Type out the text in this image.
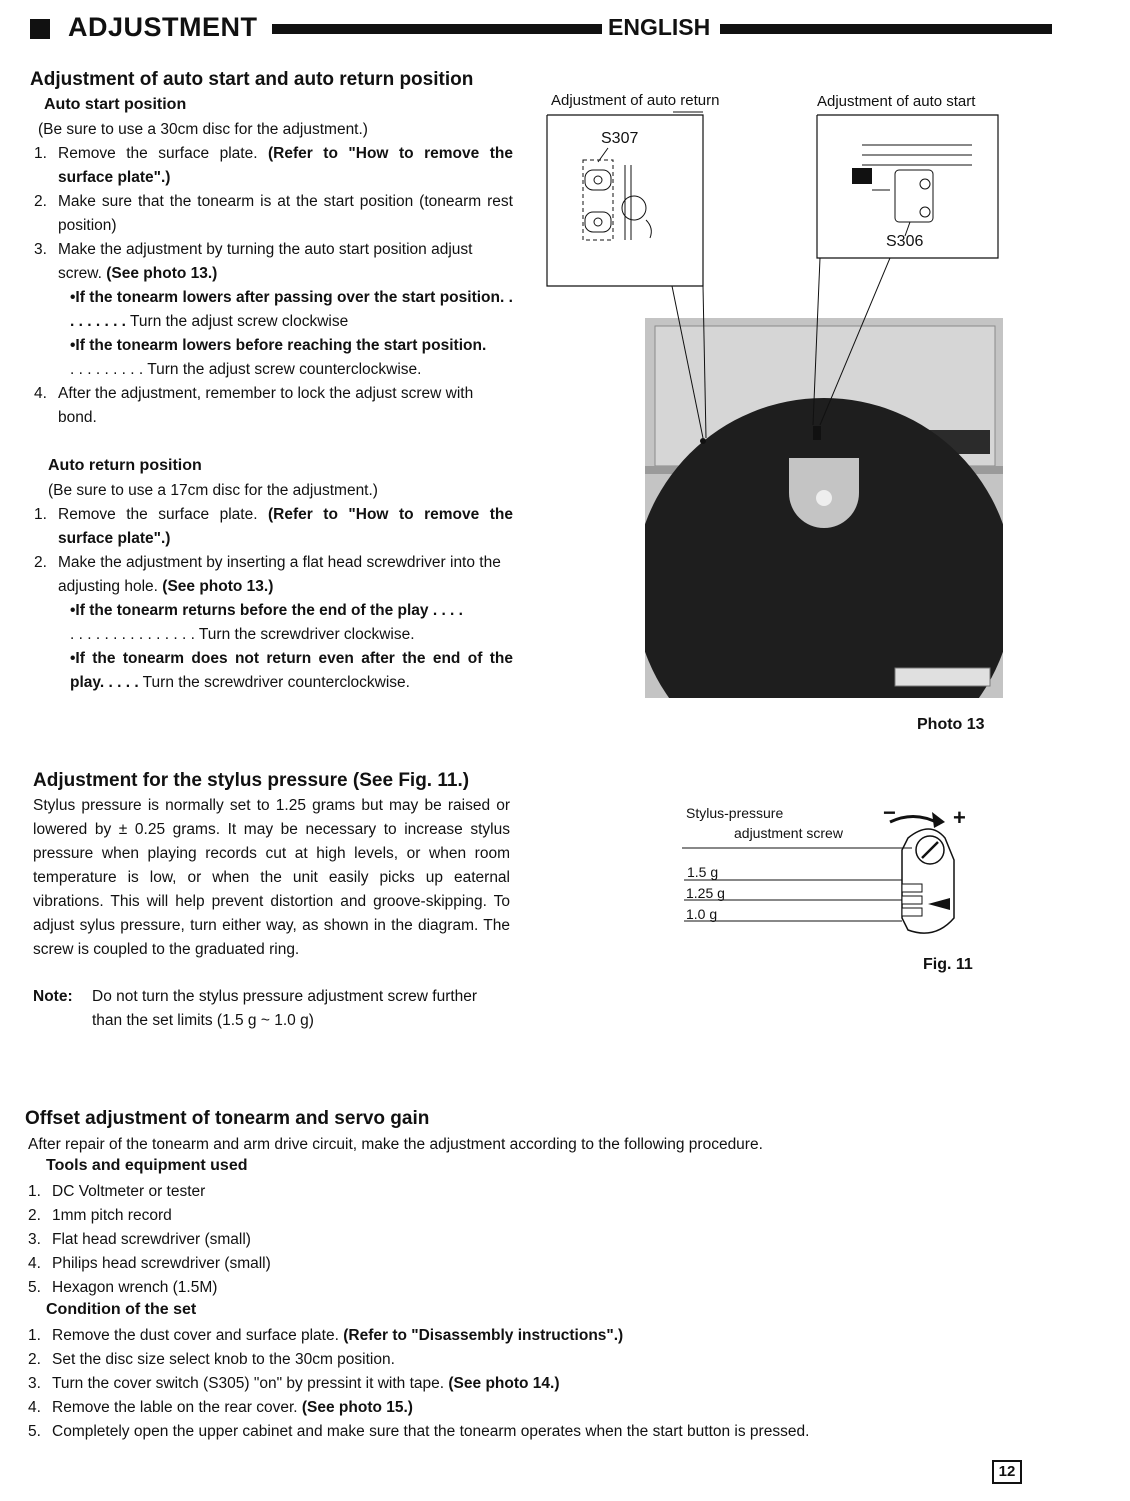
ADJUSTMENT	ENGLISH
Adjustment of auto start and auto return position
Auto start position
(Be sure to use a 30cm disc for the adjustment.)
1. Remove the surface plate. (Refer to "How to remove the surface plate".)
2. Make sure that the tonearm is at the start position (tonearm rest position)
3. Make the adjustment by turning the auto start position adjust screw. (See photo 13.)
•If the tonearm lowers after passing over the start position. . . . . . . . . Turn the adjust screw clockwise
•If the tonearm lowers before reaching the start position.
. . . . . . . . . Turn the adjust screw counterclockwise.
4. After the adjustment, remember to lock the adjust screw with bond.
Auto return position
(Be sure to use a 17cm disc for the adjustment.)
1. Remove the surface plate. (Refer to "How to remove the surface plate".)
2. Make the adjustment by inserting a flat head screwdriver into the adjusting hole. (See photo 13.)
•If the tonearm returns before the end of the play . . . .
. . . . . . . . . . . . . . . Turn the screwdriver clockwise.
•If the tonearm does not return even after the end of the play. . . . . Turn the screwdriver counterclockwise.
Adjustment of auto return	Adjustment of auto start
S307
S306
Photo 13
Adjustment for the stylus pressure (See Fig. 11.)
Stylus pressure is normally set to 1.25 grams but may be raised or lowered by ± 0.25 grams. It may be necessary to increase stylus pressure when playing records cut at high levels, or when room temperature is low, or when the unit easily picks up eaternal vibrations. This will help prevent distortion and groove-skipping. To adjust sylus pressure, turn either way, as shown in the diagram. The screw is coupled to the graduated ring.
Note: Do not turn the stylus pressure adjustment screw further than the set limits (1.5 g ~ 1.0 g)
Stylus-pressure
adjustment screw
1.5 g
1.25 g
1.0 g
−	+
Fig. 11
Offset adjustment of tonearm and servo gain
After repair of the tonearm and arm drive circuit, make the adjustment according to the following procedure.
Tools and equipment used
1. DC Voltmeter or tester
2. 1mm pitch record
3. Flat head screwdriver (small)
4. Philips head screwdriver (small)
5. Hexagon wrench (1.5M)
Condition of the set
1. Remove the dust cover and surface plate. (Refer to "Disassembly instructions".)
2. Set the disc size select knob to the 30cm position.
3. Turn the cover switch (S305) "on" by pressint it with tape. (See photo 14.)
4. Remove the lable on the rear cover. (See photo 15.)
5. Completely open the upper cabinet and make sure that the tonearm operates when the start button is pressed.
12
